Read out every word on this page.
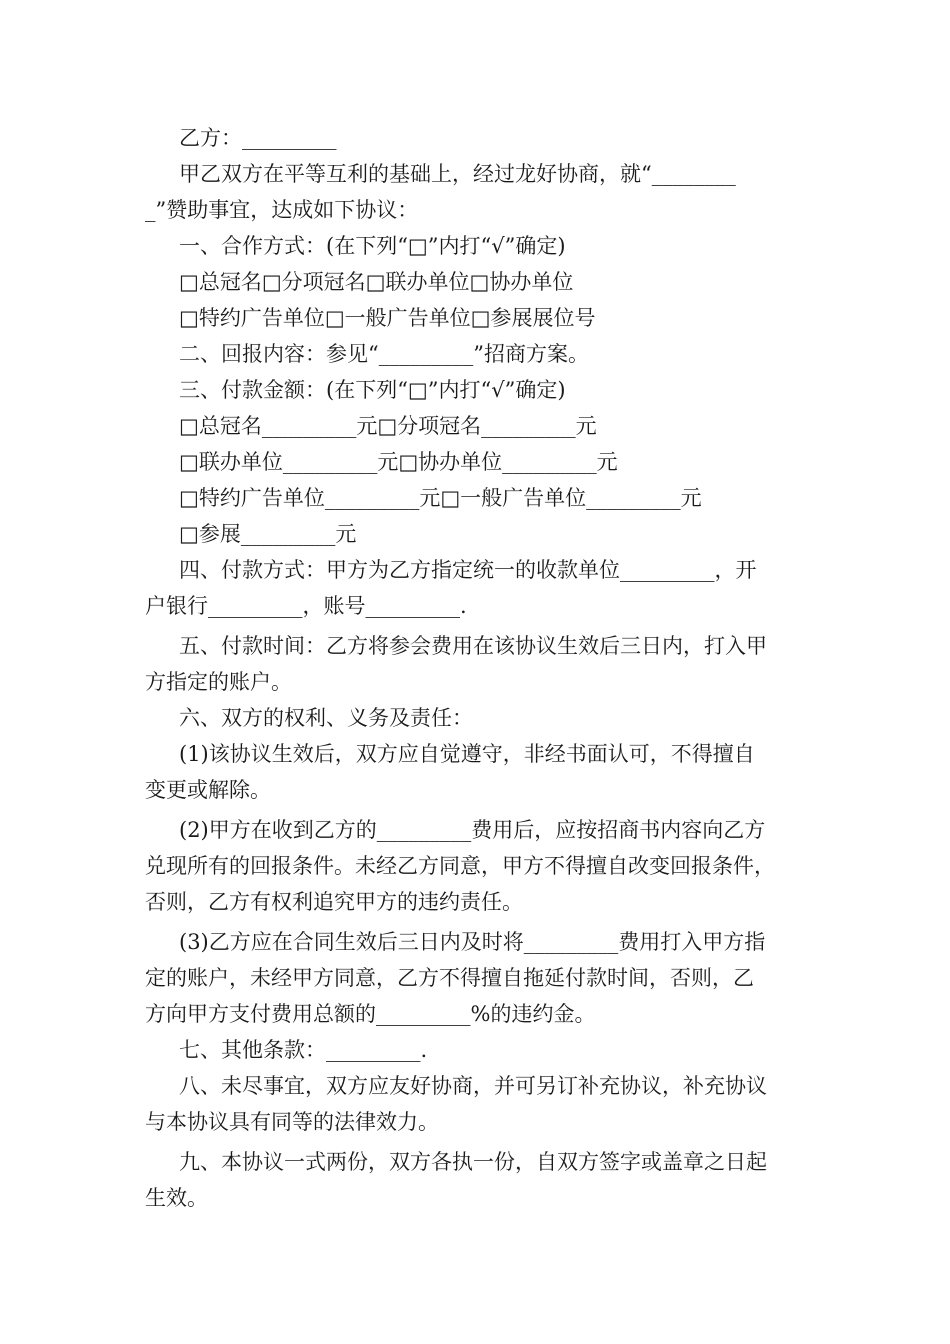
乙方：_________
甲乙双方在平等互利的基础上，经过龙好协商，就“________
_”赞助事宜，达成如下协议：
一、合作方式：(在下列“□”内打“√”确定)
□总冠名□分项冠名□联办单位□协办单位
□特约广告单位□一般广告单位□参展展位号
二、回报内容：参见“_________”招商方案。
三、付款金额：(在下列“□”内打“√”确定)
□总冠名_________元□分项冠名_________元
□联办单位_________元□协办单位_________元
□特约广告单位_________元□一般广告单位_________元
□参展_________元
四、付款方式：甲方为乙方指定统一的收款单位_________，开
户银行_________，账号_________.
五、付款时间：乙方将参会费用在该协议生效后三日内，打入甲
方指定的账户。
六、双方的权利、义务及责任：
(1)该协议生效后，双方应自觉遵守，非经书面认可，不得擅自
变更或解除。
(2)甲方在收到乙方的_________费用后，应按招商书内容向乙方
兑现所有的回报条件。未经乙方同意，甲方不得擅自改变回报条件，
否则，乙方有权利追究甲方的违约责任。
(3)乙方应在合同生效后三日内及时将_________费用打入甲方指
定的账户，未经甲方同意，乙方不得擅自拖延付款时间，否则，乙
方向甲方支付费用总额的_________%的违约金。
七、其他条款：_________.
八、未尽事宜，双方应友好协商，并可另订补充协议，补充协议
与本协议具有同等的法律效力。
九、本协议一式两份，双方各执一份，自双方签字或盖章之日起
生效。
